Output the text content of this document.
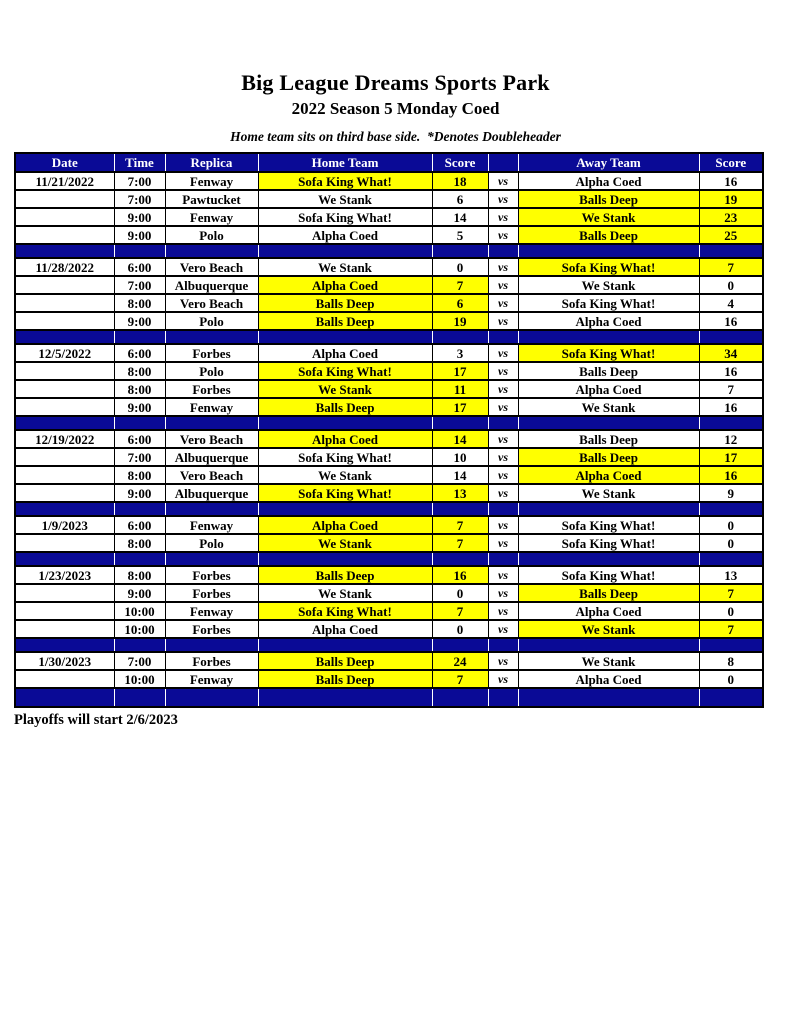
Big League Dreams Sports Park
2022 Season 5 Monday Coed
Home team sits on third base side.  *Denotes Doubleheader
Date	Time	Replica	Home Team	Score		Away Team	Score
11/21/2022	7:00	Fenway	Sofa King What!	18	vs	Alpha Coed	16
	7:00	Pawtucket	We Stank	6	vs	Balls Deep	19
	9:00	Fenway	Sofa King What!	14	vs	We Stank	23
	9:00	Polo	Alpha Coed	5	vs	Balls Deep	25

11/28/2022	6:00	Vero Beach	We Stank	0	vs	Sofa King What!	7
	7:00	Albuquerque	Alpha Coed	7	vs	We Stank	0
	8:00	Vero Beach	Balls Deep	6	vs	Sofa King What!	4
	9:00	Polo	Balls Deep	19	vs	Alpha Coed	16

12/5/2022	6:00	Forbes	Alpha Coed	3	vs	Sofa King What!	34
	8:00	Polo	Sofa King What!	17	vs	Balls Deep	16
	8:00	Forbes	We Stank	11	vs	Alpha Coed	7
	9:00	Fenway	Balls Deep	17	vs	We Stank	16

12/19/2022	6:00	Vero Beach	Alpha Coed	14	vs	Balls Deep	12
	7:00	Albuquerque	Sofa King What!	10	vs	Balls Deep	17
	8:00	Vero Beach	We Stank	14	vs	Alpha Coed	16
	9:00	Albuquerque	Sofa King What!	13	vs	We Stank	9

1/9/2023	6:00	Fenway	Alpha Coed	7	vs	Sofa King What!	0
	8:00	Polo	We Stank	7	vs	Sofa King What!	0

1/23/2023	8:00	Forbes	Balls Deep	16	vs	Sofa King What!	13
	9:00	Forbes	We Stank	0	vs	Balls Deep	7
	10:00	Fenway	Sofa King What!	7	vs	Alpha Coed	0
	10:00	Forbes	Alpha Coed	0	vs	We Stank	7

1/30/2023	7:00	Forbes	Balls Deep	24	vs	We Stank	8
	10:00	Fenway	Balls Deep	7	vs	Alpha Coed	0

Playoffs will start 2/6/2023
